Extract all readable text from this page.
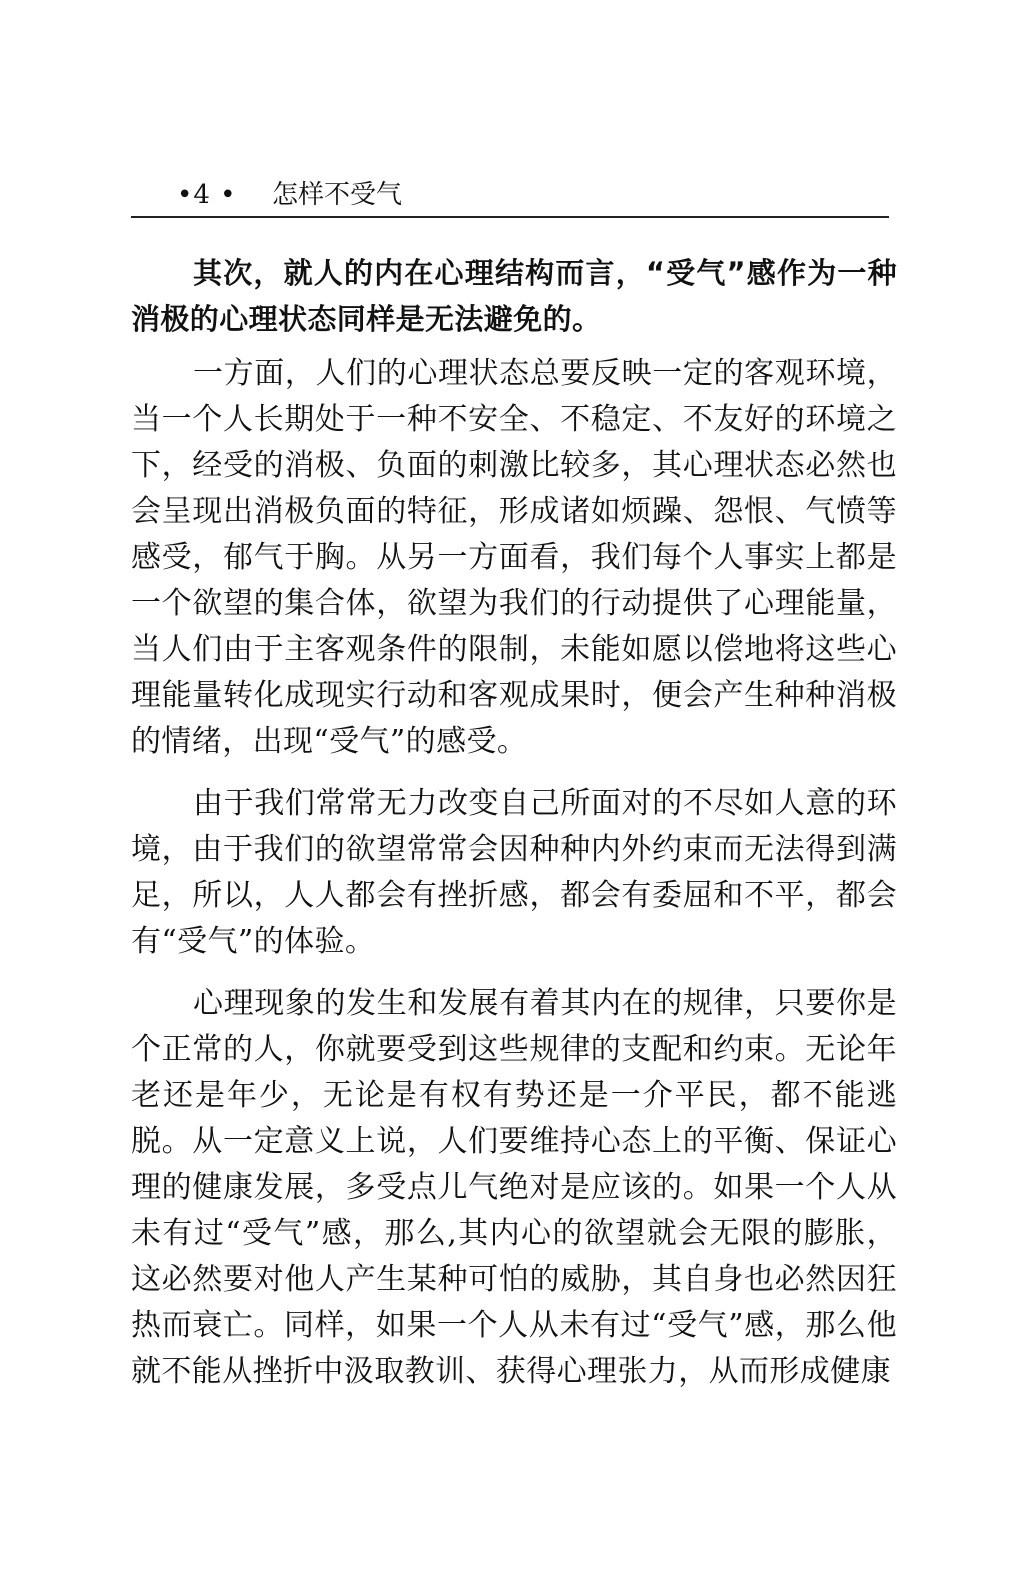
•4 • 怎样不受气

其次，就人的内在心理结构而言，“受气”感作为一种消极的心理状态同样是无法避免的。

一方面，人们的心理状态总要反映一定的客观环境，当一个人长期处于一种不安全、不稳定、不友好的环境之下，经受的消极、负面的刺激比较多，其心理状态必然也会呈现出消极负面的特征，形成诸如烦躁、怨恨、气愤等感受，郁气于胸。从另一方面看，我们每个人事实上都是一个欲望的集合体，欲望为我们的行动提供了心理能量，当人们由于主客观条件的限制，未能如愿以偿地将这些心理能量转化成现实行动和客观成果时，便会产生种种消极的情绪，出现“受气”的感受。

由于我们常常无力改变自己所面对的不尽如人意的环境，由于我们的欲望常常会因种种内外约束而无法得到满足，所以，人人都会有挫折感，都会有委屈和不平，都会有“受气”的体验。

心理现象的发生和发展有着其内在的规律，只要你是个正常的人，你就要受到这些规律的支配和约束。无论年老还是年少，无论是有权有势还是一介平民，都不能逃脱。从一定意义上说，人们要维持心态上的平衡、保证心理的健康发展，多受点儿气绝对是应该的。如果一个人从未有过“受气”感，那么,其内心的欲望就会无限的膨胀，这必然要对他人产生某种可怕的威胁，其自身也必然因狂热而衰亡。同样，如果一个人从未有过“受气”感，那么他就不能从挫折中汲取教训、获得心理张力，从而形成健康
